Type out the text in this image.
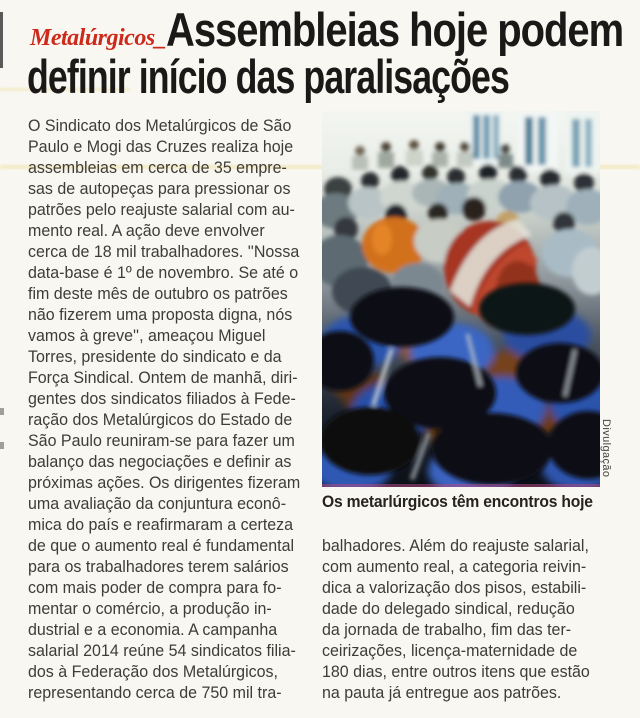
Metalúrgicos_ Assembleias hoje podem
definir início das paralisações
O Sindicato dos Metalúrgicos de São
Paulo e Mogi das Cruzes realiza hoje
assembleias em cerca de 35 empre-
sas de autopeças para pressionar os
patrões pelo reajuste salarial com au-
mento real. A ação deve envolver
cerca de 18 mil trabalhadores. ''Nossa
data-base é 1º de novembro. Se até o
fim deste mês de outubro os patrões
não fizerem uma proposta digna, nós
vamos à greve'', ameaçou Miguel
Torres, presidente do sindicato e da
Força Sindical. Ontem de manhã, diri-
gentes dos sindicatos filiados à Fede-
ração dos Metalúrgicos do Estado de
São Paulo reuniram-se para fazer um
balanço das negociações e definir as
próximas ações. Os dirigentes fizeram
uma avaliação da conjuntura econô-
mica do país e reafirmaram a certeza
de que o aumento real é fundamental
para os trabalhadores terem salários
com mais poder de compra para fo-
mentar o comércio, a produção in-
dustrial e a economia. A campanha
salarial 2014 reúne 54 sindicatos filia-
dos à Federação dos Metalúrgicos,
representando cerca de 750 mil tra-
Divulgação
Os metarlúrgicos têm encontros hoje
balhadores. Além do reajuste salarial,
com aumento real, a categoria reivin-
dica a valorização dos pisos, estabili-
dade do delegado sindical, redução
da jornada de trabalho, fim das ter-
ceirizações, licença-maternidade de
180 dias, entre outros itens que estão
na pauta já entregue aos patrões.
